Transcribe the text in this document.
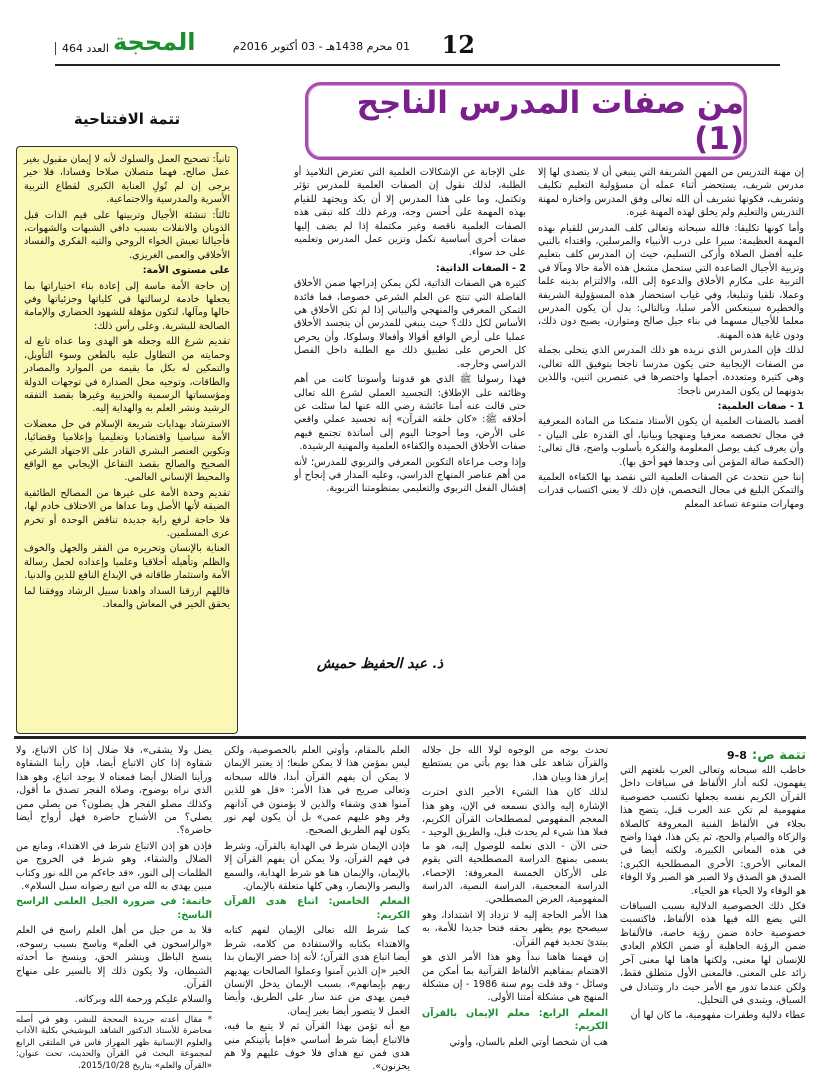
12
01 محرم 1438هـ - 03 أكتوبر 2016م
المحجة
العدد 464
من صفات المدرس الناجح (1)

إن مهنة التدريس من المهن الشريفة التي ينبغي أن لا يتصدى لها إلا مدرس شريف، يستحضر أثناء عمله أن مسؤولية التعليم تكليف وتشريف، فكونها تشريف أن الله تعالى وفق المدرس واختاره لمهنة التدريس والتعليم ولم يخلق لهذه المهنة غيره.

وأما كونها تكليفا: فالله سبحانه وتعالى كلف المدرس للقيام بهذه المهمة العظيمة: سيرا على درب الأنبياء والمرسلين، واقتداء بالنبي عليه أفضل الصلاة وأزكى التسليم، حيث إن المدرس كلف بتعليم وتربية الأجيال الصاعدة التي ستحمل مشعل هذه الأمة حالا ومآلا في التربية على مكارم الأخلاق والدعوة إلى الله، والالتزام بدينه علما وعملا، تلقيا وتبليغا، وفي غياب استحضار هذه المسؤولية الشريفة والخطيرة سينعكس الأمر سلبا، وبالتالي: بدل أن يكون المدرس معلما للأجيال مسهما في بناء جيل صالح ومتوازن، يصبح دون ذلك، ودون غاية هذه المهنة.

لذلك فإن المدرس الذي نريده هو ذلك المدرس الذي يتحلى بجملة من الصفات الإيجابية حتى يكون مدرسا ناجحا بتوفيق الله تعالى، وهي كثيرة ومتعددة، أجملها واختصرها في عنصرين اثنين، واللذين بدونهما لن يكون المدرس ناجحا:

1 - صفات العلمية:

أقصد بالصفات العلمية أن يكون الأستاذ متمكنا من المادة المعرفية في مجال تخصصه معرفيا ومنهجيا وبيانيا، أي القدرة على البيان - وأن يعرف كيف يوصل المعلومة والفكرة بأسلوب واضح، قال تعالى: (الحكمة ضالة المؤمن أنى وجدها فهو أحق بها).

إننا حين نتحدث عن الصفات العلمية التي نقصد بها الكفاءة العلمية والتمكن البليغ في مجال التخصص، فإن ذلك لا يعني اكتساب قدرات ومهارات متنوعة تساعد المعلم

على الإجابة عن الإشكالات العلمية التي تعترض التلاميذ أو الطلبة، لذلك نقول إن الصفات العلمية للمدرس تؤثر وتكتمل، وما على هذا المدرس إلا أن يكد ويجتهد للقيام بهذه المهمة على أحسن وجه، ورغم ذلك كله تبقى هذه الصفات العلمية ناقصة وغير مكتملة إذا لم يضف إليها صفات أخرى أساسية تكمل وتزين عمل المدرس وتعلميه على حد سواء.

2 - الصفات الذاتية:

كثيرة هي الصفات الذاتية، لكن يمكن إدراجها ضمن الأخلاق الفاضلة التي تنتج عن العلم الشرعي خصوصا، فما فائدة التمكن المعرفي والمنهجي والبياني إذا لم تكن الأخلاق هي الأساس لكل ذلك؟ حيث ينبغي للمدرس أن يتجسد الأخلاق عمليا على أرض الواقع أقوالا وأفعالا وسلوكا، وأن يحرص كل الحرص على تطبيق ذلك مع الطلبة داخل الفصل الدراسي وخارجه.

فهذا رسولنا ﷺ الذي هو قدوتنا وأسوتنا كانت من أهم وظائفه على الإطلاق: التجسيد العملي لشرع الله تعالى حتى قالت عنه أمنا عائشة رضي الله عنها لما سئلت عن أخلاقه ﷺ: «كان خلقه القرآن» إنه تجسيد عملي واقعي على الأرض، وما أحوجنا اليوم إلى أساتذة تجتمع فيهم صفات الأخلاق الحميدة والكفاءة العلمية والمهنية الرشيدة.

وإذا وجب مراعاة التكوين المعرفي والتربوي للمدرس؛ لأنه من أهم عناصر المنهاج الدراسي، وعليه المدار في إنجاح أو إفشال الفعل التربوي والتعليمي بمنظومتنا التربوية.

ذ. عبد الحفيظ حميش
تتمة الافتتاحية

ثانياً: تصحيح العمل والسلوك لأنه لا إيمان مقبول بغير عمل صالح، فهما متصلان صلاحا وفسادا، فلا خير يرجى إن لم تُولِ العناية الكبرى لقطاع التربية الأسرية والمدرسية والاجتماعية.

ثالثاً: تنشئة الأجيال وتربيتها على قيم الذات قبل الذوبان والانفلات بسبب دافي الشبهات والشهوات، فأجيالنا تعيش الخواء الروحي والتيه الفكري والفساد الأخلاقي والعمى الغريزي.

على مستوى الأمة:

إن حاجة الأمة ماسة إلى إعادة بناء اختياراتها بما يجعلها خادمة لرسالتها في كلياتها وجزئياتها وفي حالها ومآلها، لتكون مؤهلة للشهود الحضاري والإمامة الصالحة للبشرية. وعلى رأس ذلك:

تقديم شرع الله وجعله هو الهدى وما عداه تابع له وحمايته من التطاول عليه بالطعن وسوء التأويل، والتمكين له بكل ما يقيمه من الموارد والمصادر والطاقات، وتوجيه محل الصدارة في توجهات الدولة ومؤسساتها الرسمية والحزبية وغيرها بقصد التفقه الرشيد ونشر العلم به والهداية إليه.

الاسترشاد بهدايات شريعة الإسلام في حل معضلات الأمة سياسيا واقتصاديا وتعليميا وإعلاميا وقضائيا، وتكوين العنصر البشري القادر على الاجتهاد الشرعي الصحيح والصالح بقصد التفاعل الإيجابي مع الواقع والمحيط الإنساني العالمي.

تقديم وحدة الأمة على غيرها من المصالح الطائفية الضيقة لأنها الأصل وما عداها من الاختلاف خادم لها، فلا حاجة لرفع راية جديدة تناقض الوحدة أو تخرم عرى المسلمين.

العناية بالإنسان وتحريره من الفقر والجهل والخوف والظلم وتأهيله أخلاقيا وعلميا وإعداده لحمل رسالة الأمة واستثمار طاقاته في الإبداع النافع للدين والدنيا.

فاللهم ارزقنا السداد واهدنا سبيل الرشاد ووفقنا لما يحقق الخير في المعاش والمعاد.

تتمة ص: 8-9

خاطب الله سبحانه وتعالى العرب بلغتهم التي يفهمون، لكنه أدار الألفاظ في سياقات داخل القرآن الكريم نفسه بجعلها تكتسب خصوصية مفهومية لم تكن عند العرب قبل، يتضح هذا بجلاء في الألفاظ الفنية المعروفة كالصلاة والزكاة والصيام والحج، ثم يكن هذا، فهذا واضح في هذه المعاني الكبيرة، ولكنه أيضا في المعاني الأخرى: الأخرى المصطلحية الكبرى: الصدق هو الصدق ولا الصبر هو الصبر ولا الوفاء هو الوفاء ولا الحياء هو الحياء.

فكل ذلك الخصوصية الدلالية بسبب السياقات التي يضع الله فيها هذه الألفاظ، فاكتسبت خصوصية حادة ضمن رؤية خاصة، فالألفاظ ضمن الرؤية الجاهلية أو ضمن الكلام العادي للإنسان لها معنى، ولكنها هاهنا لها معنى آخر زائد على المعنى. فالمعنى الأول منطلق فقط، ولكن عندما تدور مع الأمر حيث دار وتتبادل في السياق، ويتبدى في التحليل.

عطاء دلالية وطفرات مفهومية، ما كان لها أن

تحدث بوجه من الوجوه لولا الله جل جلاله والقرآن شاهد على هذا يوم بأتي من يستطيع إبراز هذا وبيان هذا.

لذلك كان هذا الشيء الأخير الذي اخترت الإشارة إليه والذي نسمعه في الإن، وهو هذا المعجم المفهومي لمصطلحات القرآن الكريم، فعلا هذا شيء لم يحدث قبل، والطريق الوحيد - حتى الآن - الذي نعلمه للوصول إليه، هو ما يسمى بمنهج الدراسة المصطلحية التي يقوم على الأركان الخمسة المعروفة: الإحصاء، الدراسة المعجمية، الدراسة النصية، الدراسة المفهومية، العرض المصطلحي.

هذا الأمر الحاجة إليه لا تزداد إلا اشتدادا، وهو سيصحح يوم يظهر بحقه فتحا جديدا للأمة، به يبتدئ تجديد فهم القرآن.

إن فهمنا هاهنا نبدأ وهو هذا الأمر الذي هو الاهتمام بمفاهيم الألفاظ القرآنية بما أمكن من وسائل - وقد قلت يوم سنة 1986 - إن مشكلة المنهج هي مشكلة أمتنا الأولى.

المعلم الرابع: معلم الإيمان بالقرآن الكريم:

هب أن شخصا أوتي العلم بالسان، وأوتي

العلم بالمقام، وأوتي العلم بالخصوصية، ولكن ليس بمؤمن هذا لا يمكن طبعا؛ إذ يعتبر الإيمان لا يمكن أن يفهم القرآن أبدا، فالله سبحانه وتعالى صريح في هذا الأمر: «قل هو للذين آمنوا هدى وشفاء والذين لا يؤمنون في آذانهم وقر وهو عليهم عمى» بل أن يكون لهم نور يكون لهم الطريق الصحيح.

فإذن الإيمان شرط في الهداية بالقرآن، وشرط في فهم القرآن، ولا يمكن أن يفهم القرآن إلا بالإيمان، والإيمان هنا هو شرط الهداية، والسمع والبصر والإبصار، وهي كلها متعلقة بالإيمان.

المعلم الخامس: اتباع هدى القرآن الكريم:

كما شرط الله تعالى الإيمان لفهم كتابه والاهتداء بكتابه والاستفادة من كلامه، شرط أيضا اتباع هدى القرآن؛ لأنه إذا حضر الإيمان بدا الخير «إن الذين آمنوا وعملوا الصالحات يهديهم ربهم بإيمانهم»، بسبب الإيمان يدخل الإنسان فيمن يهدي من عند سار على الطريق، وأيضا العمل لا يتصور أيضا بغير إيمان.

مع أنه تؤمن بهذا القرآن ثم لا يتبع ما فيه، فالاتباع أيضا شرط أساسي «فإما يأتينكم مني هدى فمن تبع هداي فلا خوف عليهم ولا هم يحزنون».

يضل ولا يشقى»، فلا ضلال إذا كان الاتباع، ولا شقاوة إذا كان الاتباع أيضا، فإن رأينا الشقاوة ورأينا الضلال أيضا فمعناه لا يوجد اتباع، وهو هذا الذي نراه بوضوح، وصلاة الفجر تصدق ما أقول، وكذلك مصلو الفجر هل يصلون؟ من يصلي ممن يصلي؟ من الأشباح حاضرة فهل أرواح أيضا حاضرة؟.

فإذن هو إذن الاتباع شرط في الاهتداء، ومانع من الضلال والشقاء، وهو شرط في الخروج من الظلمات إلى النور، «قد جاءكم من الله نور وكتاب مبين يهدي به الله من اتبع رضوانه سبل السلام».

خاتمة: في ضرورة الجيل العلمي الراسخ الناسخ:

فلا بد من جيل من أهل العلم راسخ في العلم «والراسخون في العلم» وناسخ بسبب رسوخه، ينسخ الباطل وينشر الحق، وينسخ ما أحدثه الشيطان، ولا يكون ذلك إلا بالسير على منهاج القرآن.

والسلام عليكم ورحمة الله وبركاته.

* مقال أعدته جريدة المحجة للنشر، وهو في أصله محاضرة للأستاذ الدكتور الشاهد البوشيخي بكلية الآداب والعلوم الإنسانية ظهر المهراز فاس في الملتقى الرابع لمجموعة البحث في القرآن والحديث، تحت عنوان: «القرآن والعلم» بتاريخ 2015/10/28.
